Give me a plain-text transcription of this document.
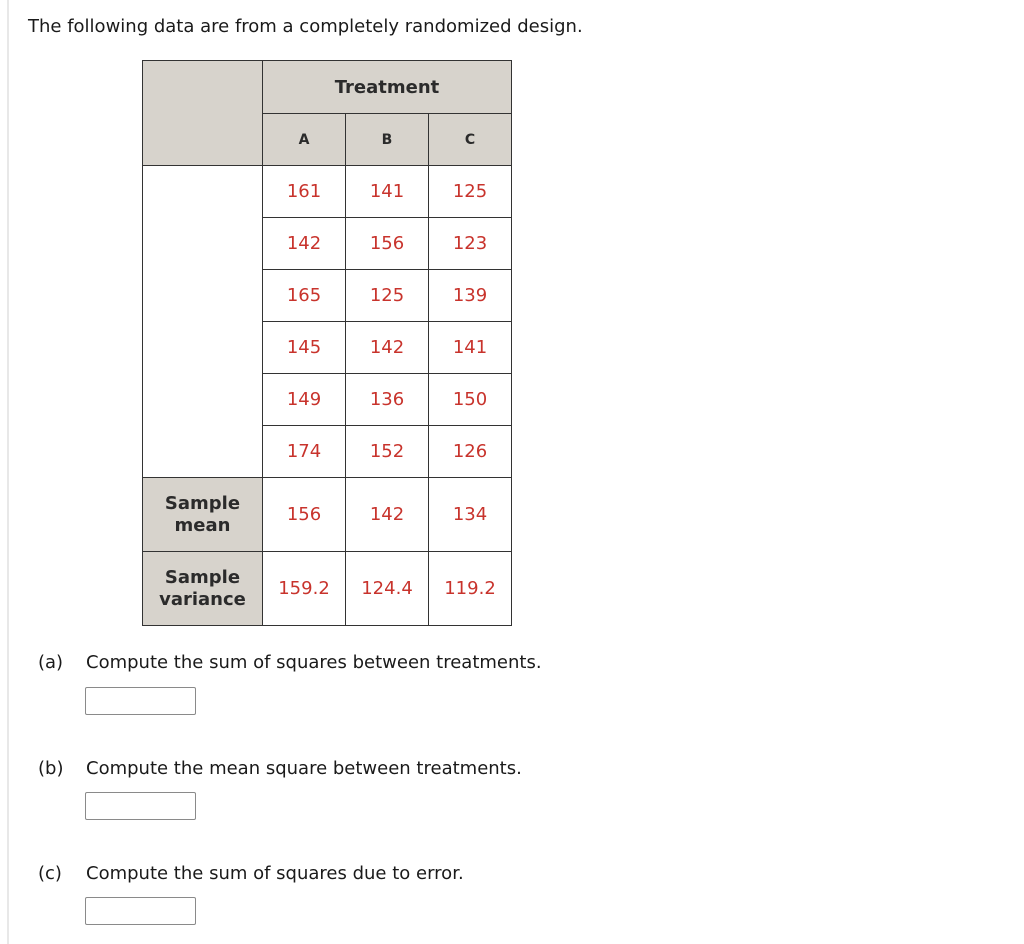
The following data are from a completely randomized design.

	Treatment		
	A	B	C
	161	141	125
	142	156	123
	165	125	139
	145	142	141
	149	136	150
	174	152	126
Sample
mean	156	142	134
Sample
variance	159.2	124.4	119.2

(a) Compute the sum of squares between treatments.

(b) Compute the mean square between treatments.

(c) Compute the sum of squares due to error.
